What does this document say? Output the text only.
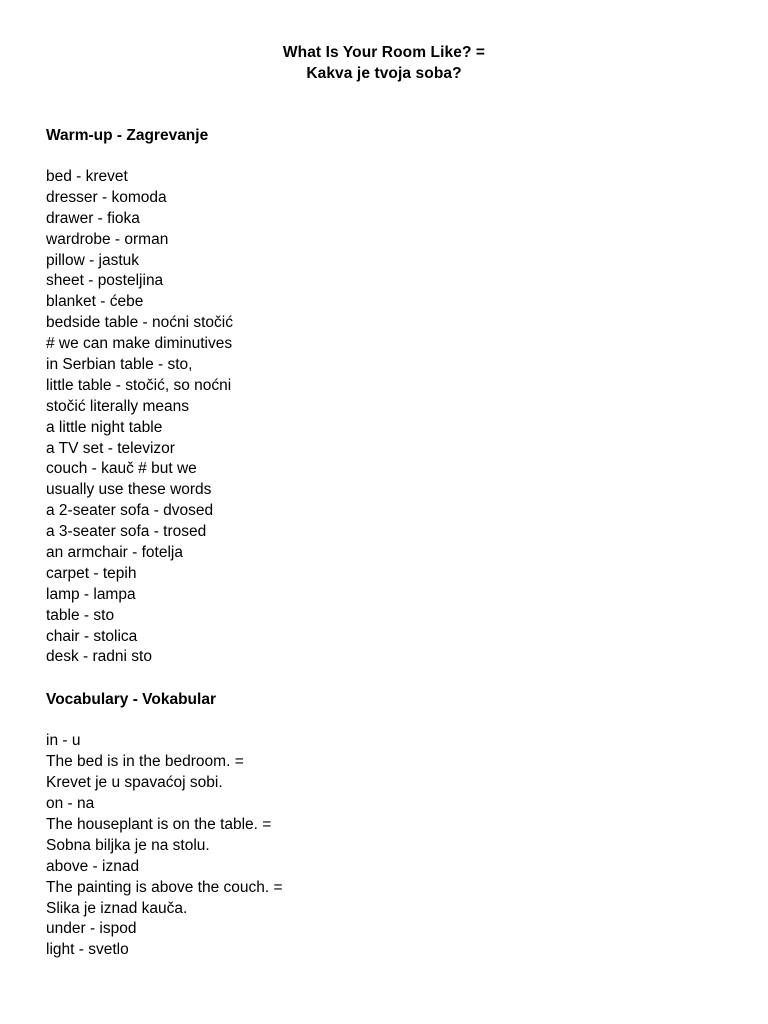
What Is Your Room Like? =
Kakva je tvoja soba?
Warm-up - Zagrevanje
bed - krevet
dresser - komoda
drawer - fioka
wardrobe - orman
pillow - jastuk
sheet - posteljina
blanket - ćebe
bedside table - noćni stočić
# we can make diminutives
in Serbian table - sto,
little table - stočić, so noćni
stočić literally means
a little night table
a TV set - televizor
couch - kauč # but we
usually use these words
a 2-seater sofa - dvosed
a 3-seater sofa - trosed
an armchair - fotelja
carpet - tepih
lamp - lampa
table - sto
chair - stolica
desk - radni sto
Vocabulary - Vokabular
in - u
The bed is in the bedroom. =
Krevet je u spavaćoj sobi.
on - na
The houseplant is on the table. =
Sobna biljka je na stolu.
above - iznad
The painting is above the couch. =
Slika je iznad kauča.
under - ispod
light - svetlo
